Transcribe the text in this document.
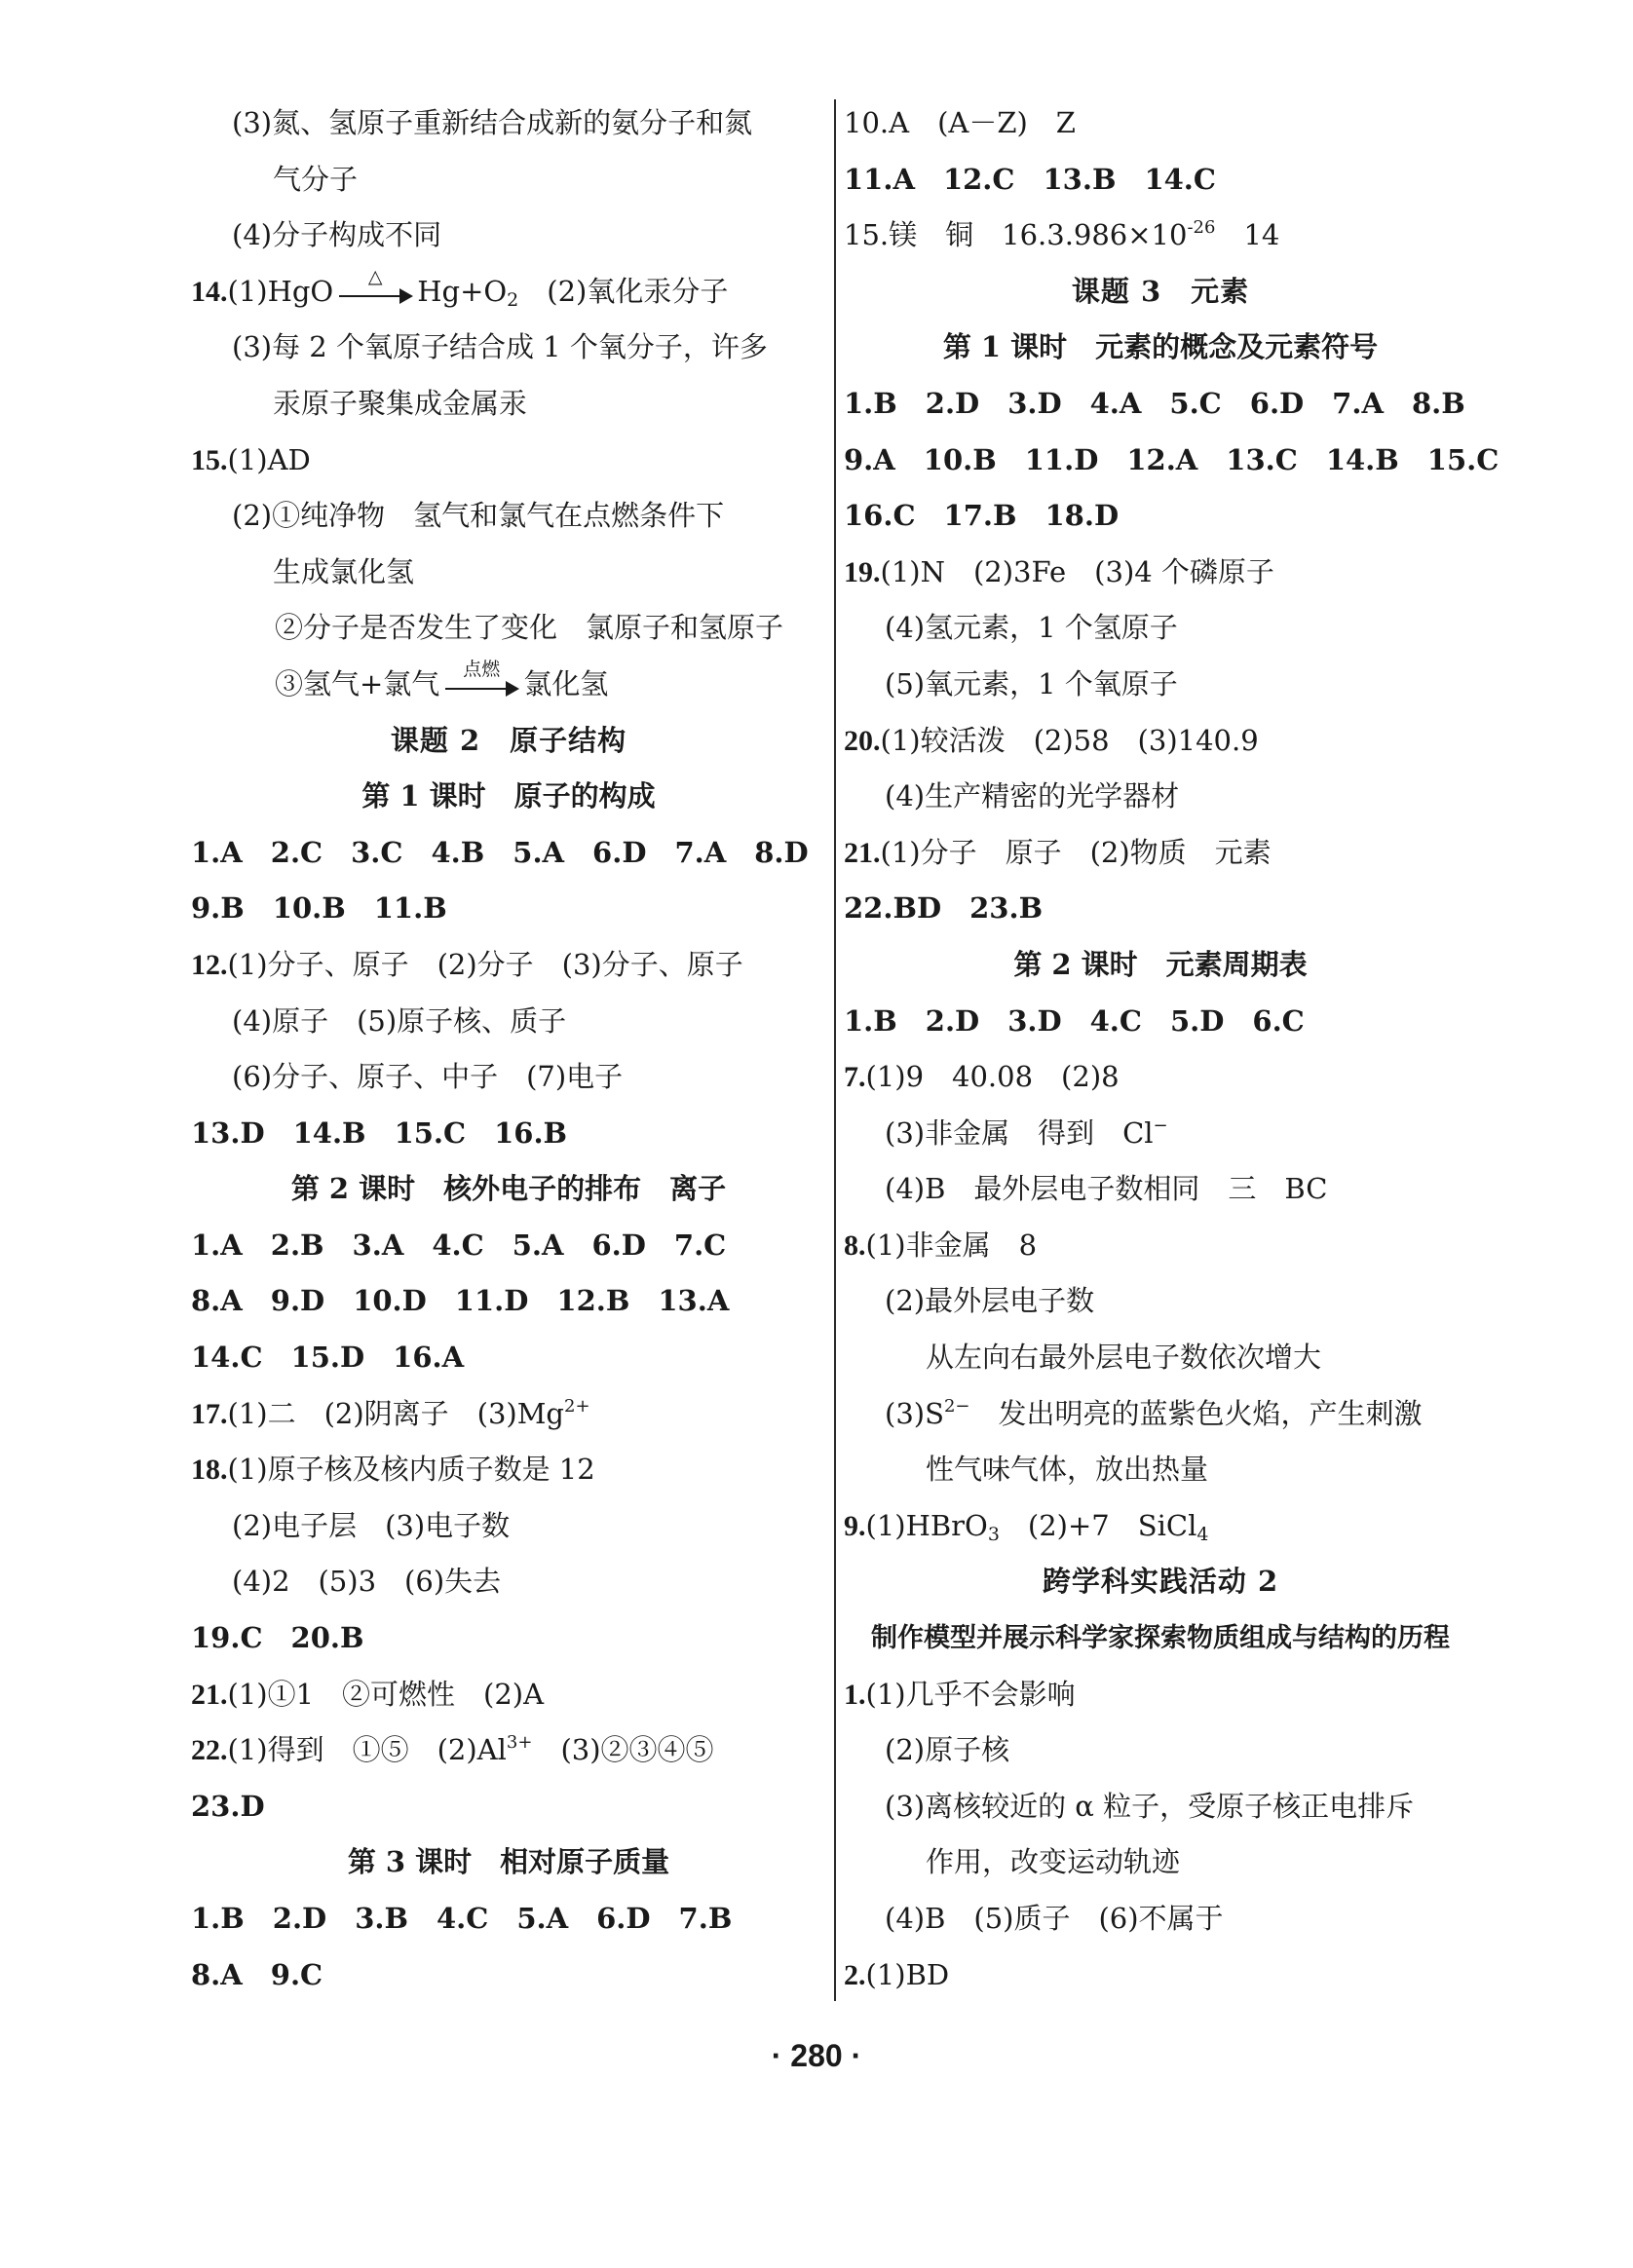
(3)氮、氢原子重新结合成新的氨分子和氮
气分子
(4)分子构成不同
14.(1)HgO	△	$Hg+O_2$　 (2)氧化汞分子
(3)每 2 个氧原子结合成 1 个氧分子，许多
汞原子聚集成金属汞
15.(1)AD
(2)①纯净物　氢气和氯气在点燃条件下
生成氯化氢
②分子是否发生了变化　氯原子和氢原子
③氢气+氯气	点燃 氯化氢
课题 2　原子结构
第 1 课时　原子的构成
1.A　2.C　3.C　4.B　5.A　6.D　7.A　8.D
9.B　10.B　11.B
12.(1)分子、原子　(2)分子　(3)分子、原子
(4)原子　(5)原子核、质子
(6)分子、原子、中子　(7)电子
13.D　14.B　15.C　16.B
第 2 课时　核外电子的排布　离子
1.A　2.B　3.A　4.C　5.A　6.D　7.C
8.A　9.D　10.D　11.D　12.B　13.A
14.C　15.D　16.A
17.(1)二　(2)阴离子　$(3)Mg^{2+}$
18.(1)原子核及核内质子数是 12
(2)电子层　(3)电子数
(4)2　(5)3　(6)失去
19.C　20.B
21.(1)①1　②可燃性　(2)A
22.(1)得到　①⑤　$(2)Al^{3+}$　(3)②③④⑤
23.D
第 3 课时　相对原子质量
1.B　2.D　3.B　4.C　5.A　6.D　7.B
8.A　9.C
10.A　(A－Z)　Z
11.A　12.C　13.B　14.C
15.镁　铜　$16.3.986\times 10^{-26}$　14
课题 3　元素
第 1 课时　元素的概念及元素符号
1.B　2.D　3.D　4.A　5.C　6.D　7.A　8.B
9.A　10.B　11.D　12.A　13.C　14.B　15.C
16.C　17.B　18.D
19.(1)N　(2)3Fe　(3)4 个磷原子
(4)氢元素，1 个氢原子
(5)氧元素，1 个氧原子
20.(1)较活泼　(2)58　(3)140.9
(4)生产精密的光学器材
21.(1)分子　原子　(2)物质　元素
22.BD　23.B
第 2 课时　元素周期表
1.B　2.D　3.D　4.C　5.D　6.C
7.(1)9　40.08　(2)8
(3)非金属　得到　Cl−
(4)B　最外层电子数相同　三　BC
8.(1)非金属　8
(2)最外层电子数
从左向右最外层电子数依次增大
$(3)S^{2-}$　发出明亮的蓝紫色火焰，产生刺激
性气味气体，放出热量
9.(1)HBrO$_3$　(2)+7　SiCl$_4$
跨学科实践活动 2
制作模型并展示科学家探索物质组成与结构的历程
1.(1)几乎不会影响
(2)原子核
(3)离核较近的 α 粒子，受原子核正电排斥
作用，改变运动轨迹
(4)B　(5)质子　(6)不属于
2.(1)BD
· 280 ·
